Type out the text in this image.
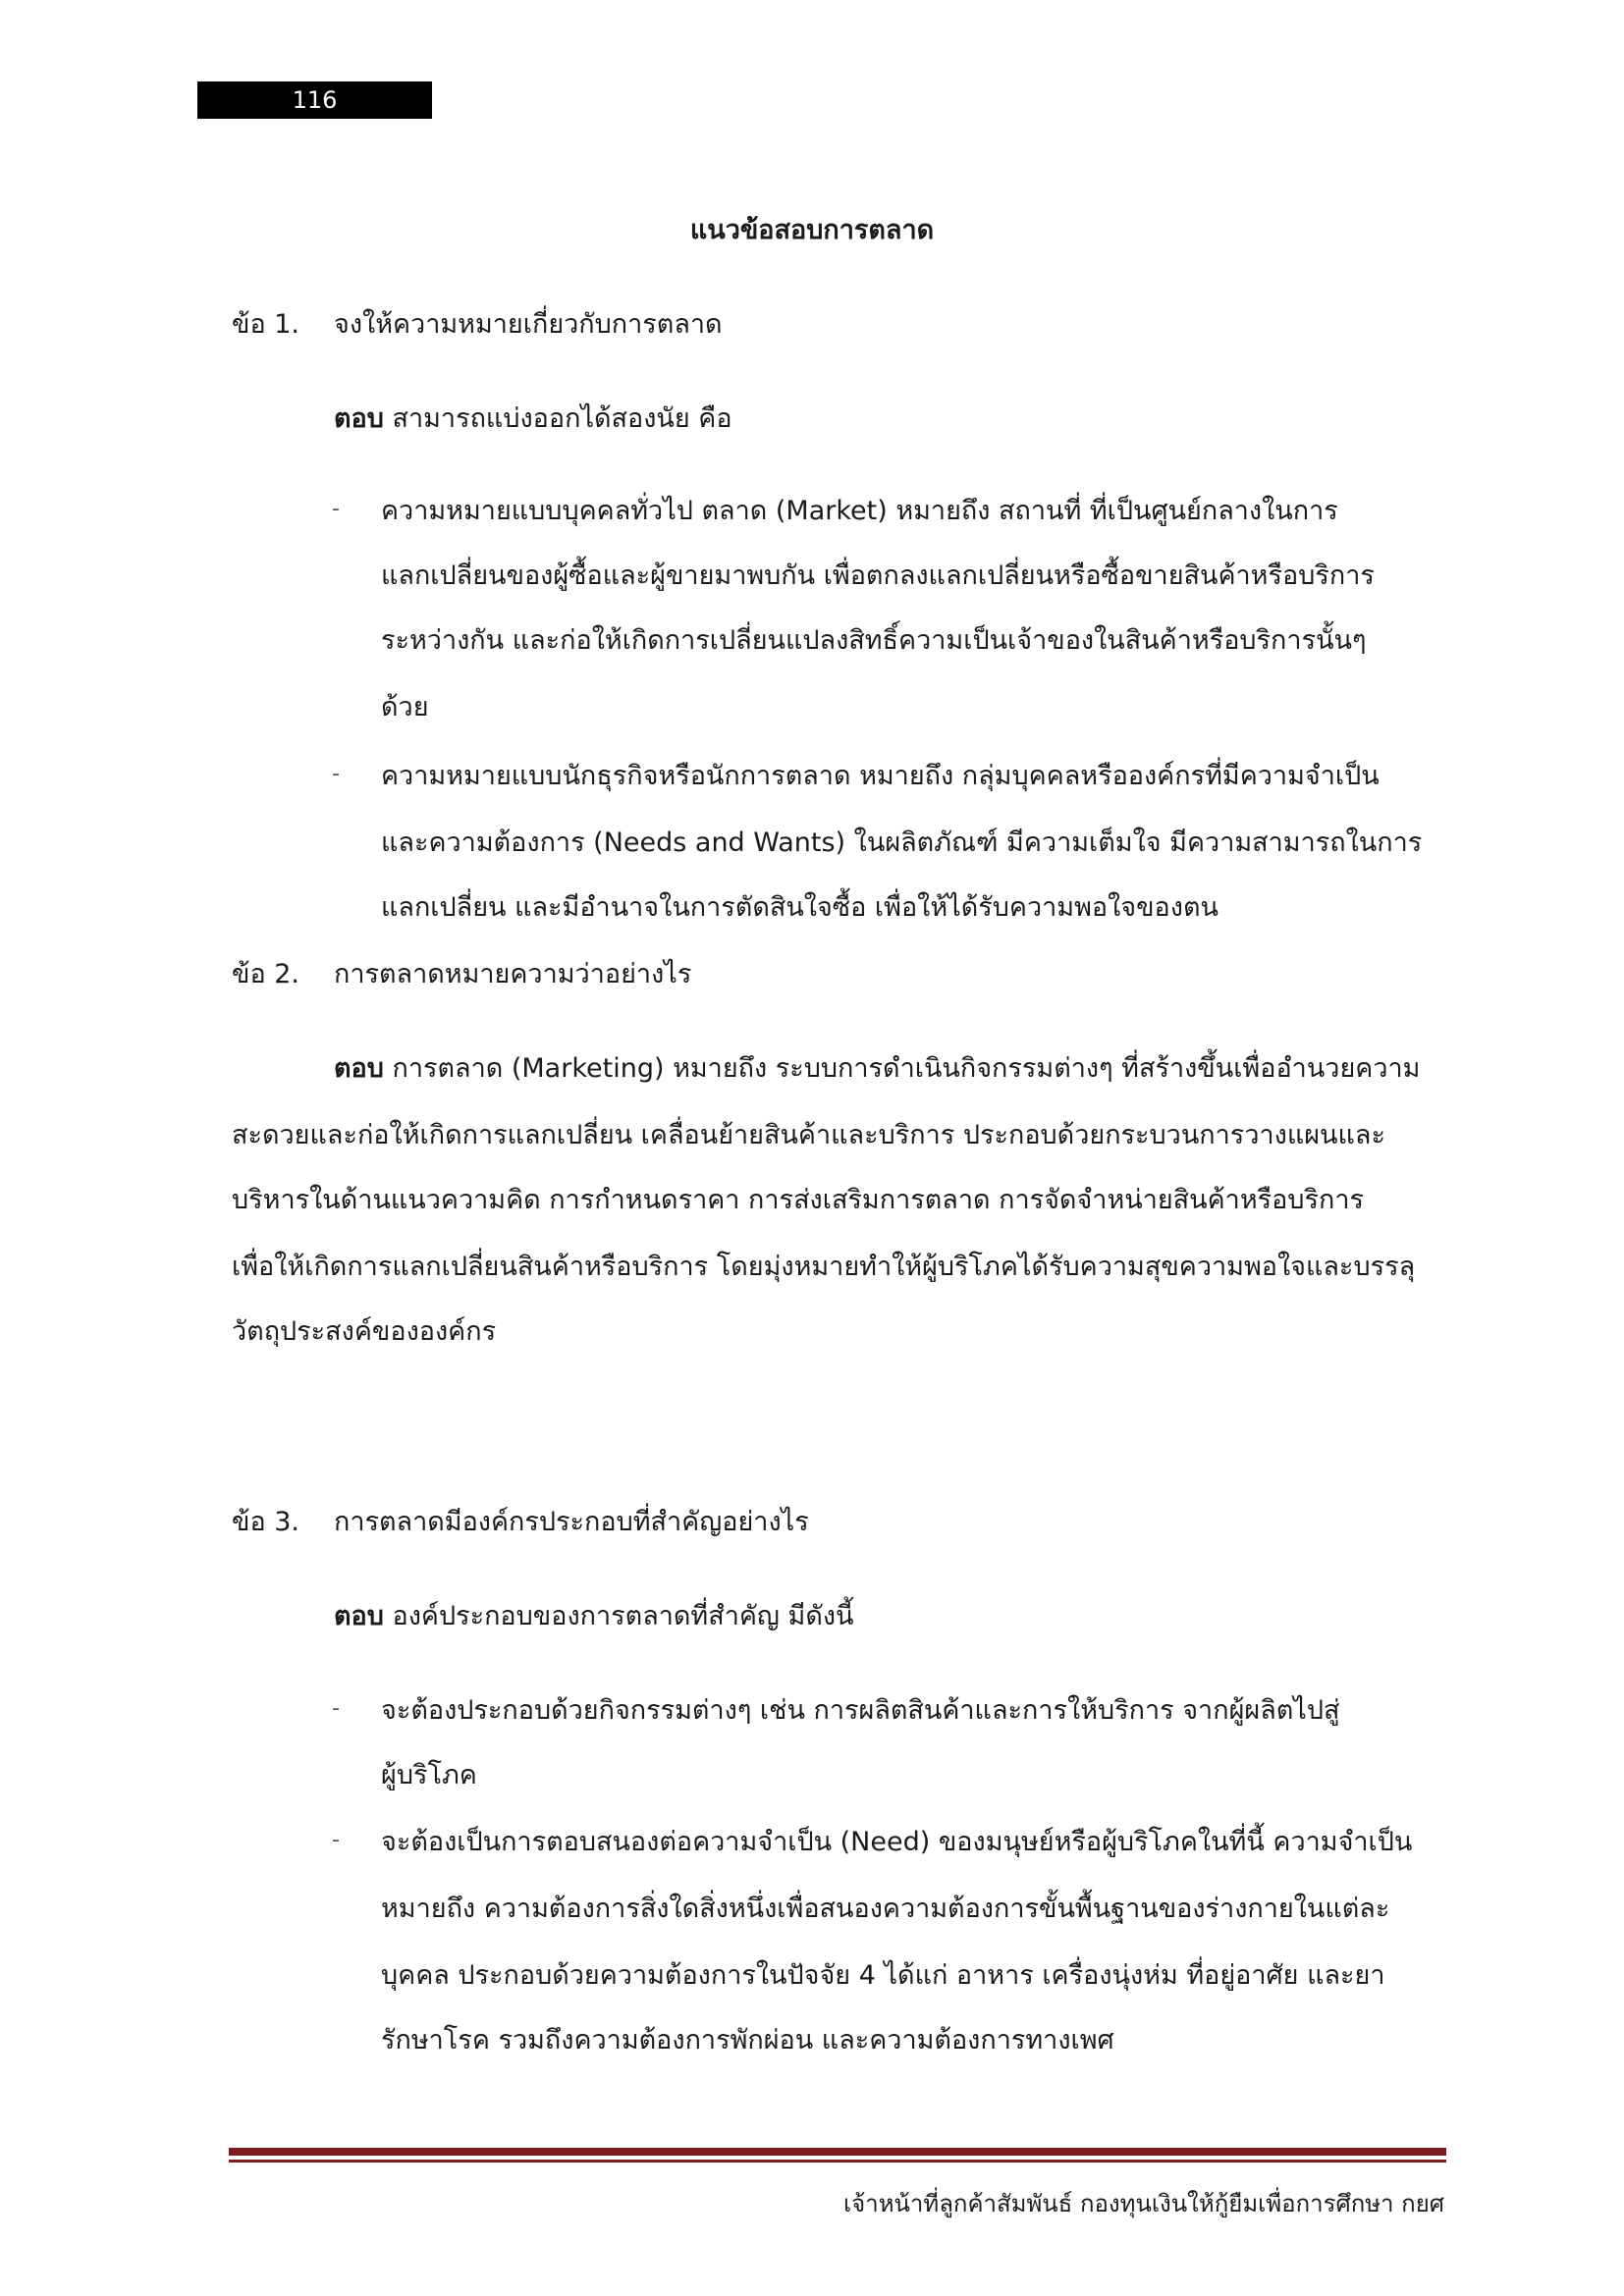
116
แนวข้อสอบการตลาด
ข้อ 1. จงให้ความหมายเกี่ยวกับการตลาด
ตอบ สามารถแบ่งออกได้สองนัย คือ
- ความหมายแบบบุคคลทั่วไป ตลาด (Market) หมายถึง สถานที่ ที่เป็นศูนย์กลางในการ
แลกเปลี่ยนของผู้ซื้อและผู้ขายมาพบกัน เพื่อตกลงแลกเปลี่ยนหรือซื้อขายสินค้าหรือบริการ
ระหว่างกัน และก่อให้เกิดการเปลี่ยนแปลงสิทธิ์ความเป็นเจ้าของในสินค้าหรือบริการนั้นๆ
ด้วย
- ความหมายแบบนักธุรกิจหรือนักการตลาด หมายถึง กลุ่มบุคคลหรือองค์กรที่มีความจำเป็น
และความต้องการ (Needs and Wants) ในผลิตภัณฑ์ มีความเต็มใจ มีความสามารถในการ
แลกเปลี่ยน และมีอำนาจในการตัดสินใจซื้อ เพื่อให้ได้รับความพอใจของตน
ข้อ 2. การตลาดหมายความว่าอย่างไร
ตอบ การตลาด (Marketing) หมายถึง ระบบการดำเนินกิจกรรมต่างๆ ที่สร้างขึ้นเพื่ออำนวยความ
สะดวยและก่อให้เกิดการแลกเปลี่ยน เคลื่อนย้ายสินค้าและบริการ ประกอบด้วยกระบวนการวางแผนและ
บริหารในด้านแนวความคิด การกำหนดราคา การส่งเสริมการตลาด การจัดจำหน่ายสินค้าหรือบริการ
เพื่อให้เกิดการแลกเปลี่ยนสินค้าหรือบริการ โดยมุ่งหมายทำให้ผู้บริโภคได้รับความสุขความพอใจและบรรลุ
วัตถุประสงค์ขององค์กร
ข้อ 3. การตลาดมีองค์กรประกอบที่สำคัญอย่างไร
ตอบ องค์ประกอบของการตลาดที่สำคัญ มีดังนี้
- จะต้องประกอบด้วยกิจกรรมต่างๆ เช่น การผลิตสินค้าและการให้บริการ จากผู้ผลิตไปสู่
ผู้บริโภค
- จะต้องเป็นการตอบสนองต่อความจำเป็น (Need) ของมนุษย์หรือผู้บริโภคในที่นี้ ความจำเป็น
หมายถึง ความต้องการสิ่งใดสิ่งหนึ่งเพื่อสนองความต้องการขั้นพื้นฐานของร่างกายในแต่ละ
บุคคล ประกอบด้วยความต้องการในปัจจัย 4 ได้แก่ อาหาร เครื่องนุ่งห่ม ที่อยู่อาศัย และยา
รักษาโรค รวมถึงความต้องการพักผ่อน และความต้องการทางเพศ
เจ้าหน้าที่ลูกค้าสัมพันธ์ กองทุนเงินให้กู้ยืมเพื่อการศึกษา กยศ
